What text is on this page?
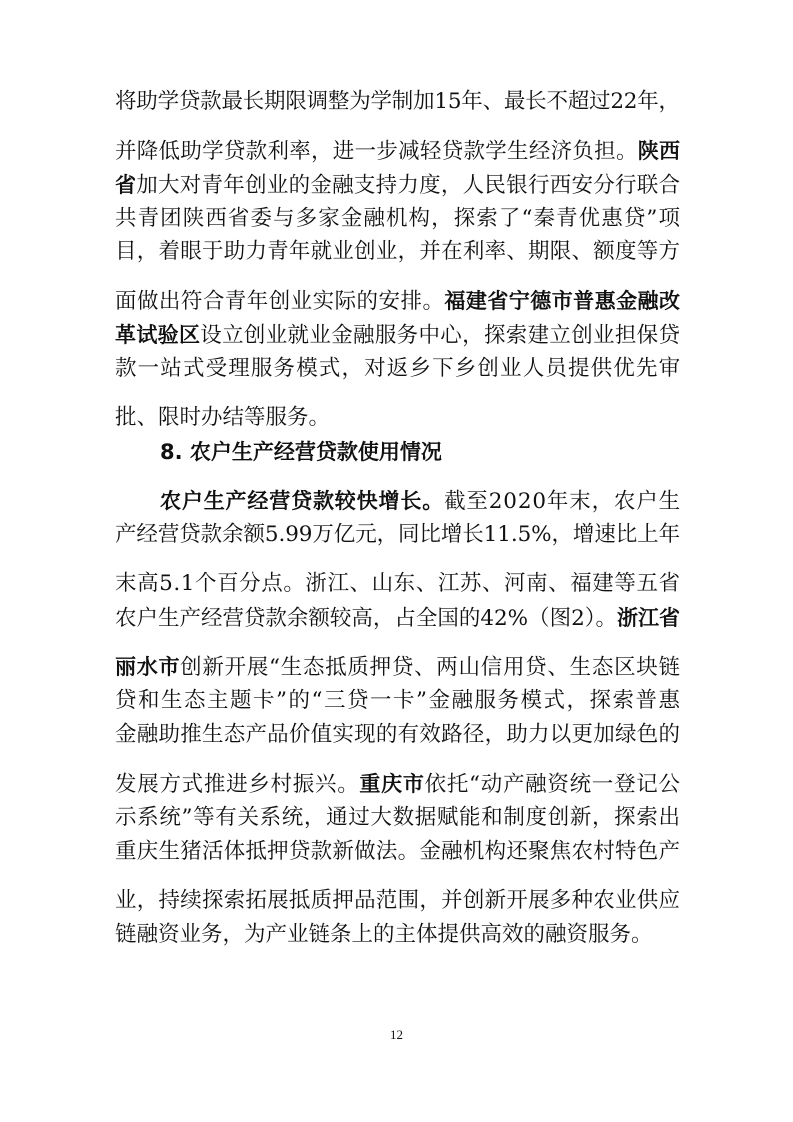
将助学贷款最长期限调整为学制加15年、最长不超过22年，
并降低助学贷款利率，进一步减轻贷款学生经济负担。陕西
省加大对青年创业的金融支持力度，人民银行西安分行联合
共青团陕西省委与多家金融机构，探索了“秦青优惠贷”项
目，着眼于助力青年就业创业，并在利率、期限、额度等方
面做出符合青年创业实际的安排。福建省宁德市普惠金融改
革试验区设立创业就业金融服务中心，探索建立创业担保贷
款一站式受理服务模式，对返乡下乡创业人员提供优先审
批、限时办结等服务。
8. 农户生产经营贷款使用情况
农户生产经营贷款较快增长。截至2020年末，农户生
产经营贷款余额5.99万亿元，同比增长11.5%，增速比上年
末高5.1个百分点。浙江、山东、江苏、河南、福建等五省
农户生产经营贷款余额较高，占全国的42%（图2）。浙江省
丽水市创新开展“生态抵质押贷、两山信用贷、生态区块链
贷和生态主题卡”的“三贷一卡”金融服务模式，探索普惠
金融助推生态产品价值实现的有效路径，助力以更加绿色的
发展方式推进乡村振兴。重庆市依托“动产融资统一登记公
示系统”等有关系统，通过大数据赋能和制度创新，探索出
重庆生猪活体抵押贷款新做法。金融机构还聚焦农村特色产
业，持续探索拓展抵质押品范围，并创新开展多种农业供应
链融资业务，为产业链条上的主体提供高效的融资服务。
12
